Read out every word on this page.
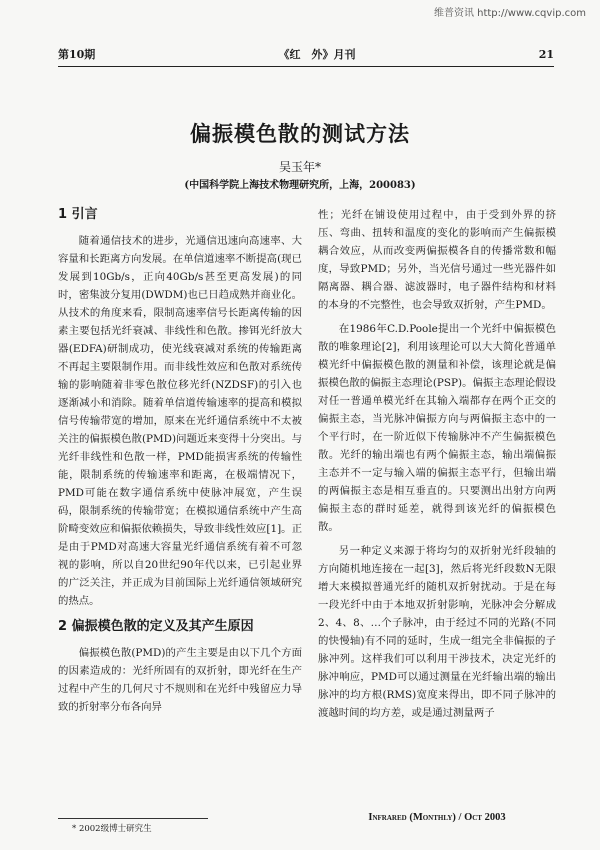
维普资讯 http://www.cqvip.com
第10期	《红　外》月刊	21
偏振模色散的测试方法
吴玉年*
(中国科学院上海技术物理研究所，上海，200083)
1 引言

随着通信技术的进步，光通信迅速向高速率、大容量和长距离方向发展。在单信道速率不断提高(现已发展到10Gb/s，正向40Gb/s甚至更高发展)的同时，密集波分复用(DWDM)也已日趋成熟并商业化。从技术的角度来看，限制高速率信号长距离传输的因素主要包括光纤衰减、非线性和色散。掺铒光纤放大器(EDFA)研制成功，使光线衰减对系统的传输距离不再起主要限制作用。而非线性效应和色散对系统传输的影响随着非零色散位移光纤(NZDSF)的引入也逐渐减小和消除。随着单信道传输速率的提高和模拟信号传输带宽的增加，原来在光纤通信系统中不太被关注的偏振模色散(PMD)问题近来变得十分突出。与光纤非线性和色散一样，PMD能损害系统的传输性能，限制系统的传输速率和距离，在极端情况下，PMD可能在数字通信系统中使脉冲展宽，产生误码，限制系统的传输带宽；在模拟通信系统中产生高阶畸变效应和偏振依赖损失，导致非线性效应[1]。正是由于PMD对高速大容量光纤通信系统有着不可忽视的影响，所以自20世纪90年代以来，已引起业界的广泛关注，并正成为目前国际上光纤通信领域研究的热点。

2 偏振模色散的定义及其产生原因

偏振模色散(PMD)的产生主要是由以下几个方面的因素造成的：光纤所固有的双折射，即光纤在生产过程中产生的几何尺寸不规则和在光纤中残留应力导致的折射率分布各向异

性；光纤在铺设使用过程中，由于受到外界的挤压、弯曲、扭转和温度的变化的影响而产生偏振模耦合效应，从而改变两偏振模各自的传播常数和幅度，导致PMD；另外，当光信号通过一些光器件如隔离器、耦合器、滤波器时，电子器件结构和材料的本身的不完整性，也会导致双折射，产生PMD。

在1986年C.D.Poole提出一个光纤中偏振模色散的唯象理论[2]，利用该理论可以大大简化普通单模光纤中偏振模色散的测量和补偿，该理论就是偏振模色散的偏振主态理论(PSP)。偏振主态理论假设对任一普通单模光纤在其输入端都存在两个正交的偏振主态，当光脉冲偏振方向与两偏振主态中的一个平行时，在一阶近似下传输脉冲不产生偏振模色散。光纤的输出端也有两个偏振主态，输出端偏振主态并不一定与输入端的偏振主态平行，但输出端的两偏振主态是相互垂直的。只要测出出射方向两偏振主态的群时延差，就得到该光纤的偏振模色散。

另一种定义来源于将均匀的双折射光纤段轴的方向随机地连接在一起[3]，然后将光纤段数N无限增大来模拟普通光纤的随机双折射扰动。于是在每一段光纤中由于本地双折射影响，光脉冲会分解成2、4、8、…个子脉冲，由于经过不同的光路(不同的快慢轴)有不同的延时，生成一组完全非偏振的子脉冲列。这样我们可以利用干涉技术，决定光纤的脉冲响应，PMD可以通过测量在光纤输出端的输出脉冲的均方根(RMS)宽度来得出，即不同子脉冲的渡越时间的均方差，或是通过测量两子

* 2002级博士研究生
Infrared (Monthly) / Oct 2003
